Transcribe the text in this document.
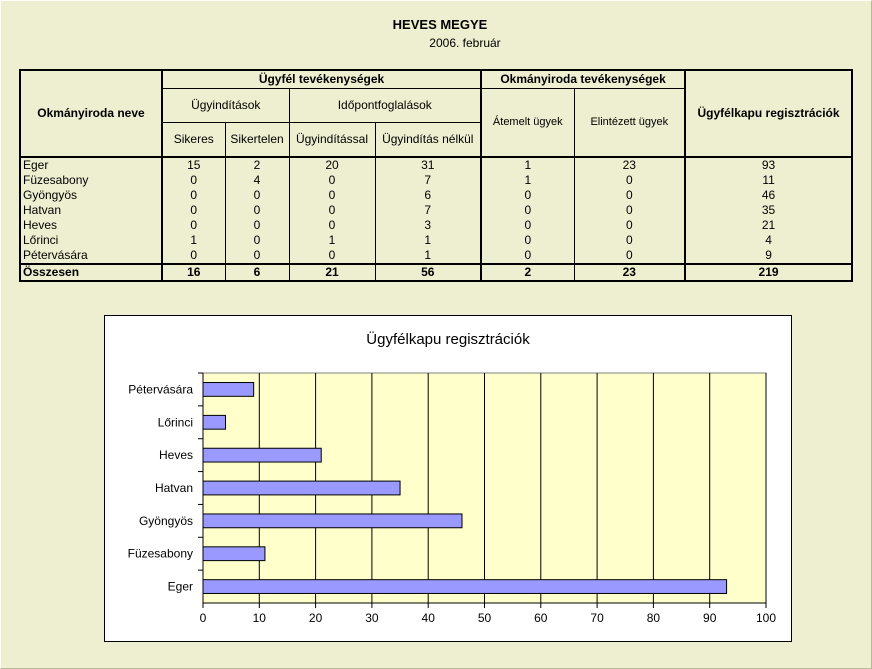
HEVES MEGYE
2006. február
Okmányiroda neve	Ügyfél tevékenységek				Okmányiroda tevékenységek		Ügyfélkapu regisztrációk
	Ügyindítások		Időpontfoglalások		Átemelt ügyek	Elintézett ügyek	
	Sikeres	Sikertelen	Ügyindítással	Ügyindítás nélkül			
Eger	15	2	20	31	1	23	93
Füzesabony	0	4	0	7	1	0	11
Gyöngyös	0	0	0	6	0	0	46
Hatvan	0	0	0	7	0	0	35
Heves	0	0	0	3	0	0	21
Lőrinci	1	0	1	1	0	0	4
Pétervására	0	0	0	1	0	0	9
Összesen	16	6	21	56	2	23	219
Ügyfélkapu regisztrációk
0	10	20	30	40	50	60	70	80	90	100
Eger
Füzesabony
Gyöngyös
Hatvan
Heves
Lőrinci
Pétervására
